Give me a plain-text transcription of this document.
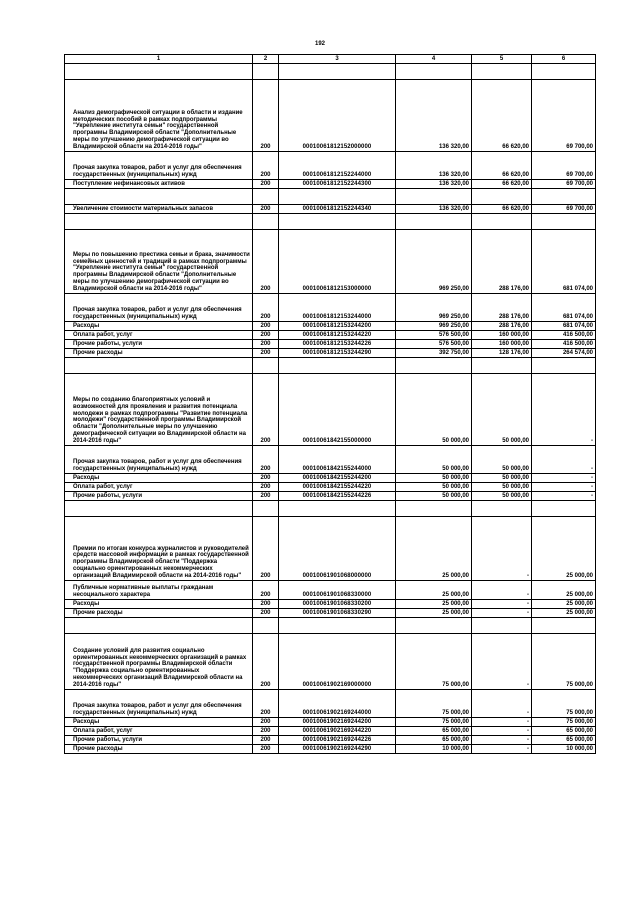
192
1	2	3	4	5	6

Анализ демографической ситуации в области и издание методических пособий в рамках подпрограммы "Укрепление института семьи" государственной программы Владимирской области "Дополнительные меры по улучшению демографической ситуации во Владимирской области на 2014-2016 годы"	200	00010061812152000000	136 320,00	66 620,00	69 700,00
Прочая закупка товаров, работ и услуг для обеспечения государственных (муниципальных) нужд	200	00010061812152244000	136 320,00	66 620,00	69 700,00
Поступление нефинансовых активов	200	00010061812152244300	136 320,00	66 620,00	69 700,00

Увеличение стоимости материальных запасов	200	00010061812152244340	136 320,00	66 620,00	69 700,00

Меры по повышению престижа семьи и брака, значимости семейных ценностей и традиций в рамках подпрограммы "Укрепление института семьи" государственной программы Владимирской области "Дополнительные меры по улучшению демографической ситуации во Владимирской области на 2014-2016 годы"	200	00010061812153000000	969 250,00	288 176,00	681 074,00
Прочая закупка товаров, работ и услуг для обеспечения государственных (муниципальных) нужд	200	00010061812153244000	969 250,00	288 176,00	681 074,00
Расходы	200	00010061812153244200	969 250,00	288 176,00	681 074,00
Оплата работ, услуг	200	00010061812153244220	576 500,00	160 000,00	416 500,00
Прочие работы, услуги	200	00010061812153244226	576 500,00	160 000,00	416 500,00
Прочие расходы	200	00010061812153244290	392 750,00	128 176,00	264 574,00

Меры по созданию благоприятных условий и возможностей для проявления и развития потенциала молодежи в рамках подпрограммы "Развитие потенциала молодежи" государственной программы Владимирской области "Дополнительные меры по улучшению демографической ситуации во Владимирской области на 2014-2016 годы"	200	00010061842155000000	50 000,00	50 000,00	-
Прочая закупка товаров, работ и услуг для обеспечения государственных (муниципальных) нужд	200	00010061842155244000	50 000,00	50 000,00	-
Расходы	200	00010061842155244200	50 000,00	50 000,00	-
Оплата работ, услуг	200	00010061842155244220	50 000,00	50 000,00	-
Прочие работы, услуги	200	00010061842155244226	50 000,00	50 000,00	-

Премии по итогам конкурса журналистов и руководителей средств массовой информации в рамках государственной программы Владимирской области "Поддержка социально ориентированных некоммерческих организаций Владимирской области на 2014-2016 годы"	200	00010061901068000000	25 000,00	-	25 000,00
Публичные нормативные выплаты гражданам несоциального характера	200	00010061901068330000	25 000,00	-	25 000,00
Расходы	200	00010061901068330200	25 000,00	-	25 000,00
Прочие расходы	200	00010061901068330290	25 000,00	-	25 000,00

Создание условий для развития социально ориентированных некоммерческих организаций в рамках государственной программы Владимирской области "Поддержка социально ориентированных некоммерческих организаций Владимирской области на 2014-2016 годы"	200	00010061902169000000	75 000,00	-	75 000,00
Прочая закупка товаров, работ и услуг для обеспечения государственных (муниципальных) нужд	200	00010061902169244000	75 000,00	-	75 000,00
Расходы	200	00010061902169244200	75 000,00	-	75 000,00
Оплата работ, услуг	200	00010061902169244220	65 000,00	-	65 000,00
Прочие работы, услуги	200	00010061902169244226	65 000,00	-	65 000,00
Прочие расходы	200	00010061902169244290	10 000,00	-	10 000,00
